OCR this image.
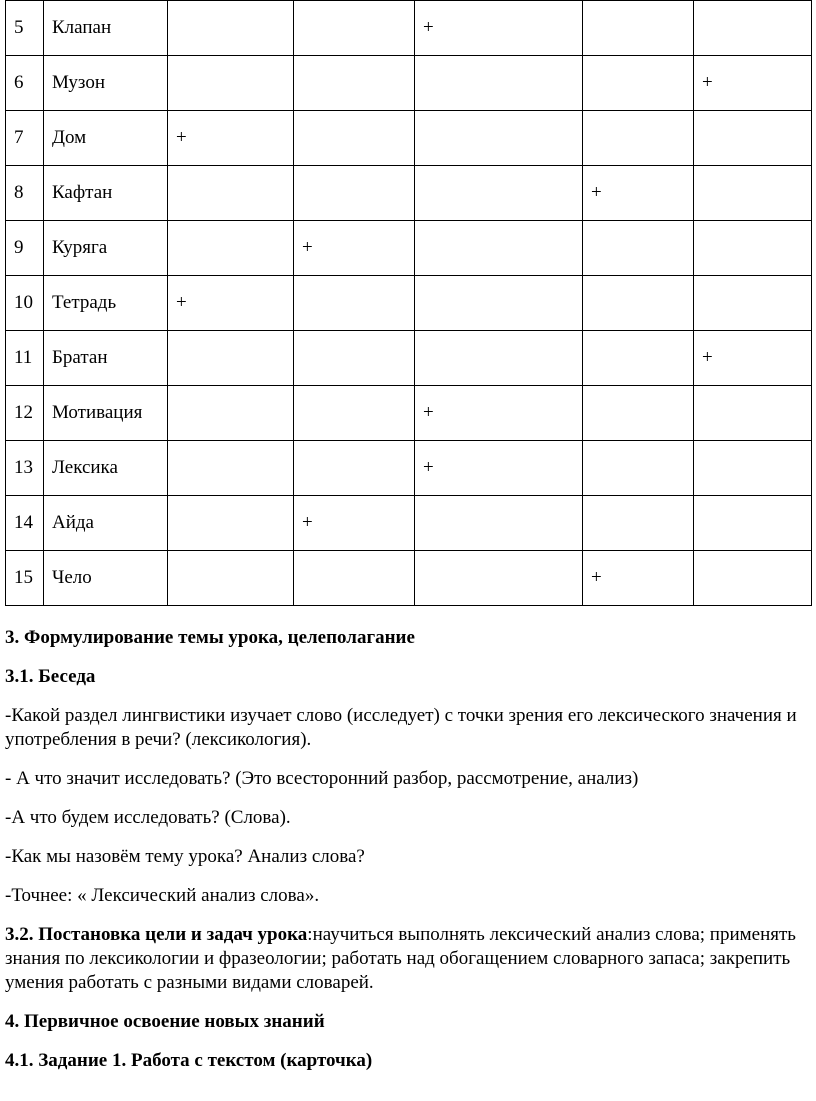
5	Клапан			+		
6	Музон					+
7	Дом	+				
8	Кафтан				+	
9	Куряга		+			
10	Тетрадь	+				
11	Братан					+
12	Мотивация			+		
13	Лексика			+		
14	Айда		+			
15	Чело				+	

3. Формулирование темы урока, целеполагание

3.1. Беседа

-Какой раздел лингвистики изучает слово (исследует) с точки зрения его лексического значения и употребления в речи? (лексикология).

- А что значит исследовать? (Это всесторонний разбор, рассмотрение, анализ)

-А что будем исследовать? (Слова).

-Как мы назовём тему урока? Анализ слова?

-Точнее: « Лексический анализ слова».

3.2. Постановка цели и задач урока:научиться выполнять лексический анализ слова; применять знания по лексикологии и фразеологии; работать над обогащением словарного запаса; закрепить умения работать с разными видами словарей.

4. Первичное освоение новых знаний

4.1. Задание 1. Работа с текстом (карточка)
